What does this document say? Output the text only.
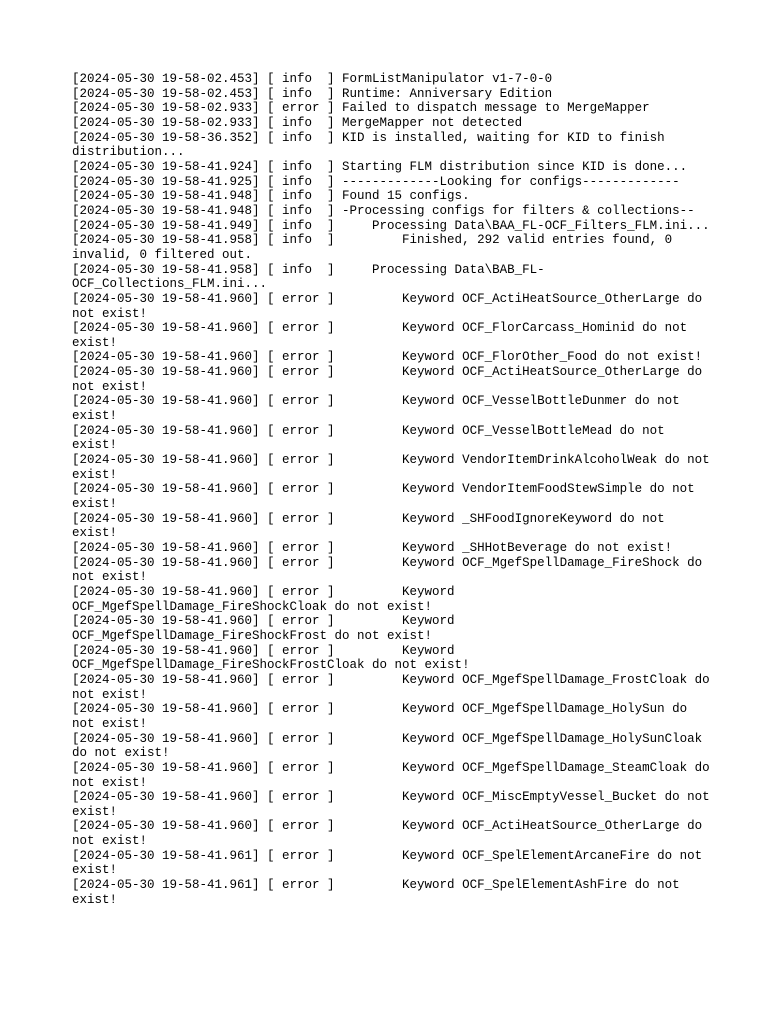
[2024-05-30 19-58-02.453] [ info  ] FormListManipulator v1-7-0-0
[2024-05-30 19-58-02.453] [ info  ] Runtime: Anniversary Edition
[2024-05-30 19-58-02.933] [ error ] Failed to dispatch message to MergeMapper
[2024-05-30 19-58-02.933] [ info  ] MergeMapper not detected
[2024-05-30 19-58-36.352] [ info  ] KID is installed, waiting for KID to finish distribution...
[2024-05-30 19-58-41.924] [ info  ] Starting FLM distribution since KID is done...
[2024-05-30 19-58-41.925] [ info  ] -------------Looking for configs-------------
[2024-05-30 19-58-41.948] [ info  ] Found 15 configs.
[2024-05-30 19-58-41.948] [ info  ] -Processing configs for filters & collections--
[2024-05-30 19-58-41.949] [ info  ]     Processing Data\BAA_FL-OCF_Filters_FLM.ini...
[2024-05-30 19-58-41.958] [ info  ]         Finished, 292 valid entries found, 0 invalid, 0 filtered out.
[2024-05-30 19-58-41.958] [ info  ]     Processing Data\BAB_FL-OCF_Collections_FLM.ini...
[2024-05-30 19-58-41.960] [ error ]         Keyword OCF_ActiHeatSource_OtherLarge do not exist!
[2024-05-30 19-58-41.960] [ error ]         Keyword OCF_FlorCarcass_Hominid do not exist!
[2024-05-30 19-58-41.960] [ error ]         Keyword OCF_FlorOther_Food do not exist!
[2024-05-30 19-58-41.960] [ error ]         Keyword OCF_ActiHeatSource_OtherLarge do not exist!
[2024-05-30 19-58-41.960] [ error ]         Keyword OCF_VesselBottleDunmer do not exist!
[2024-05-30 19-58-41.960] [ error ]         Keyword OCF_VesselBottleMead do not exist!
[2024-05-30 19-58-41.960] [ error ]         Keyword VendorItemDrinkAlcoholWeak do not exist!
[2024-05-30 19-58-41.960] [ error ]         Keyword VendorItemFoodStewSimple do not exist!
[2024-05-30 19-58-41.960] [ error ]         Keyword _SHFoodIgnoreKeyword do not exist!
[2024-05-30 19-58-41.960] [ error ]         Keyword _SHHotBeverage do not exist!
[2024-05-30 19-58-41.960] [ error ]         Keyword OCF_MgefSpellDamage_FireShock do not exist!
[2024-05-30 19-58-41.960] [ error ]         Keyword OCF_MgefSpellDamage_FireShockCloak do not exist!
[2024-05-30 19-58-41.960] [ error ]         Keyword OCF_MgefSpellDamage_FireShockFrost do not exist!
[2024-05-30 19-58-41.960] [ error ]         Keyword OCF_MgefSpellDamage_FireShockFrostCloak do not exist!
[2024-05-30 19-58-41.960] [ error ]         Keyword OCF_MgefSpellDamage_FrostCloak do not exist!
[2024-05-30 19-58-41.960] [ error ]         Keyword OCF_MgefSpellDamage_HolySun do not exist!
[2024-05-30 19-58-41.960] [ error ]         Keyword OCF_MgefSpellDamage_HolySunCloak do not exist!
[2024-05-30 19-58-41.960] [ error ]         Keyword OCF_MgefSpellDamage_SteamCloak do not exist!
[2024-05-30 19-58-41.960] [ error ]         Keyword OCF_MiscEmptyVessel_Bucket do not exist!
[2024-05-30 19-58-41.960] [ error ]         Keyword OCF_ActiHeatSource_OtherLarge do not exist!
[2024-05-30 19-58-41.961] [ error ]         Keyword OCF_SpelElementArcaneFire do not exist!
[2024-05-30 19-58-41.961] [ error ]         Keyword OCF_SpelElementAshFire do not exist!
